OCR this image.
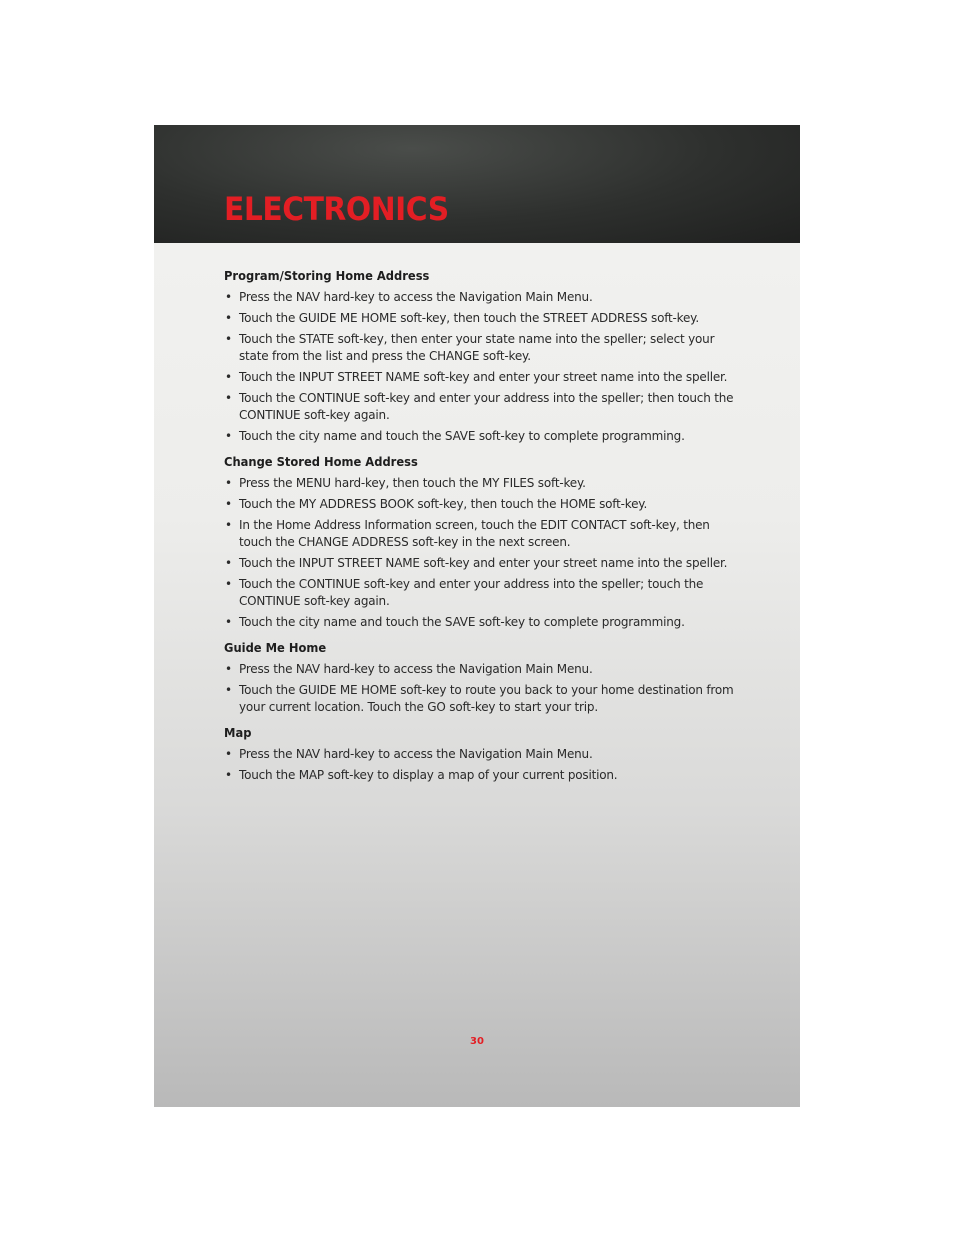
ELECTRONICS
Program/Storing Home Address
• Press the NAV hard-key to access the Navigation Main Menu.
• Touch the GUIDE ME HOME soft-key, then touch the STREET ADDRESS soft-key.
• Touch the STATE soft-key, then enter your state name into the speller; select your state from the list and press the CHANGE soft-key.
• Touch the INPUT STREET NAME soft-key and enter your street name into the speller.
• Touch the CONTINUE soft-key and enter your address into the speller; then touch the CONTINUE soft-key again.
• Touch the city name and touch the SAVE soft-key to complete programming.
Change Stored Home Address
• Press the MENU hard-key, then touch the MY FILES soft-key.
• Touch the MY ADDRESS BOOK soft-key, then touch the HOME soft-key.
• In the Home Address Information screen, touch the EDIT CONTACT soft-key, then touch the CHANGE ADDRESS soft-key in the next screen.
• Touch the INPUT STREET NAME soft-key and enter your street name into the speller.
• Touch the CONTINUE soft-key and enter your address into the speller; touch the CONTINUE soft-key again.
• Touch the city name and touch the SAVE soft-key to complete programming.
Guide Me Home
• Press the NAV hard-key to access the Navigation Main Menu.
• Touch the GUIDE ME HOME soft-key to route you back to your home destination from your current location. Touch the GO soft-key to start your trip.
Map
• Press the NAV hard-key to access the Navigation Main Menu.
• Touch the MAP soft-key to display a map of your current position.
30
